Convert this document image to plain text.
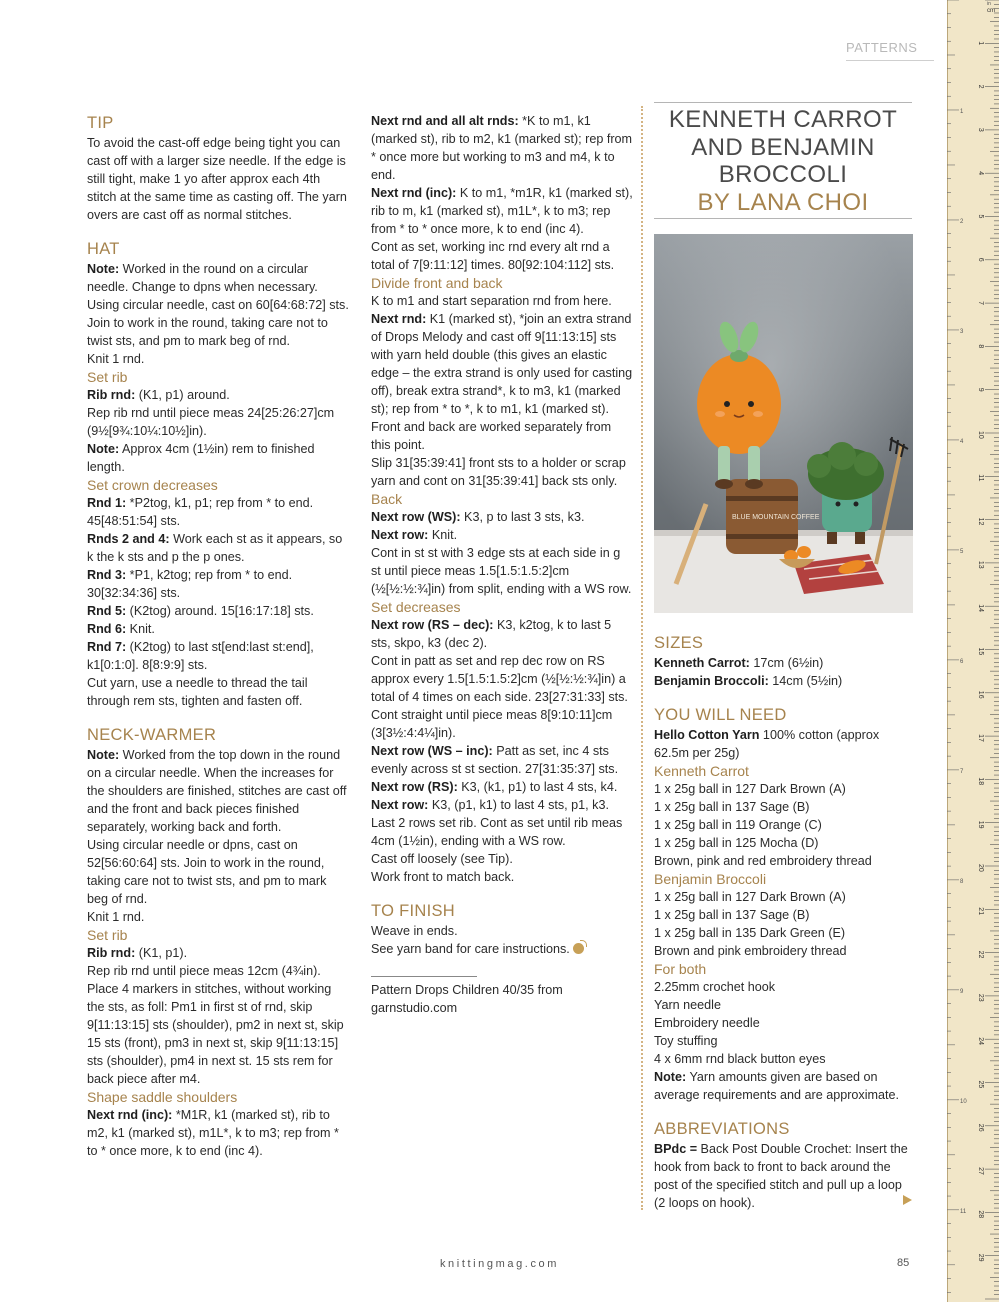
PATTERNS
TIP

To avoid the cast-off edge being tight you can cast off with a larger size needle. If the edge is still tight, make 1 yo after approx each 4th stitch at the same time as casting off. The yarn overs are cast off as normal stitches.

HAT

Note: Worked in the round on a circular needle. Change to dpns when necessary. Using circular needle, cast on 60[64:68:72] sts. Join to work in the round, taking care not to twist sts, and pm to mark beg of rnd.

Knit 1 rnd.

Set rib

Rib rnd: (K1, p1) around.

Rep rib rnd until piece meas 24[25:26:27]cm (9½[9¾:10¼:10½]in).

Note: Approx 4cm (1½in) rem to finished length.

Set crown decreases

Rnd 1: *P2tog, k1, p1; rep from * to end. 45[48:51:54] sts.

Rnds 2 and 4: Work each st as it appears, so k the k sts and p the p ones.

Rnd 3: *P1, k2tog; rep from * to end. 30[32:34:36] sts.

Rnd 5: (K2tog) around. 15[16:17:18] sts.

Rnd 6: Knit.

Rnd 7: (K2tog) to last st[end:last st:end], k1[0:1:0]. 8[8:9:9] sts.

Cut yarn, use a needle to thread the tail through rem sts, tighten and fasten off.

NECK-WARMER

Note: Worked from the top down in the round on a circular needle. When the increases for the shoulders are finished, stitches are cast off and the front and back pieces finished separately, working back and forth.

Using circular needle or dpns, cast on 52[56:60:64] sts. Join to work in the round, taking care not to twist sts, and pm to mark beg of rnd.

Knit 1 rnd.

Set rib

Rib rnd: (K1, p1).

Rep rib rnd until piece meas 12cm (4¾in). Place 4 markers in stitches, without working the sts, as foll: Pm1 in first st of rnd, skip 9[11:13:15] sts (shoulder), pm2 in next st, skip 15 sts (front), pm3 in next st, skip 9[11:13:15] sts (shoulder), pm4 in next st. 15 sts rem for back piece after m4.

Shape saddle shoulders

Next rnd (inc): *M1R, k1 (marked st), rib to m2, k1 (marked st), m1L*, k to m3; rep from * to * once more, k to end (inc 4).

Next rnd and all alt rnds: *K to m1, k1 (marked st), rib to m2, k1 (marked st); rep from * once more but working to m3 and m4, k to end.

Next rnd (inc): K to m1, *m1R, k1 (marked st), rib to m, k1 (marked st), m1L*, k to m3; rep from * to * once more, k to end (inc 4).

Cont as set, working inc rnd every alt rnd a total of 7[9:11:12] times. 80[92:104:112] sts.

Divide front and back

K to m1 and start separation rnd from here.

Next rnd: K1 (marked st), *join an extra strand of Drops Melody and cast off 9[11:13:15] sts with yarn held double (this gives an elastic edge – the extra strand is only used for casting off), break extra strand*, k to m3, k1 (marked st); rep from * to *, k to m1, k1 (marked st).

Front and back are worked separately from this point.

Slip 31[35:39:41] front sts to a holder or scrap yarn and cont on 31[35:39:41] back sts only.

Back

Next row (WS): K3, p to last 3 sts, k3.

Next row: Knit.

Cont in st st with 3 edge sts at each side in g st until piece meas 1.5[1.5:1.5:2]cm (½[½:½:¾]in) from split, ending with a WS row.

Set decreases

Next row (RS – dec): K3, k2tog, k to last 5 sts, skpo, k3 (dec 2).

Cont in patt as set and rep dec row on RS approx every 1.5[1.5:1.5:2]cm (½[½:½:¾]in) a total of 4 times on each side. 23[27:31:33] sts.

Cont straight until piece meas 8[9:10:11]cm (3[3½:4:4¼]in).

Next row (WS – inc): Patt as set, inc 4 sts evenly across st st section. 27[31:35:37] sts.

Next row (RS): K3, (k1, p1) to last 4 sts, k4.

Next row: K3, (p1, k1) to last 4 sts, p1, k3.

Last 2 rows set rib. Cont as set until rib meas 4cm (1½in), ending with a WS row.

Cast off loosely (see Tip).

Work front to match back.

TO FINISH

Weave in ends.

See yarn band for care instructions.

Pattern Drops Children 40/35 from garnstudio.com

KENNETH CARROT
AND BENJAMIN
BROCCOLI
BY LANA CHOI
BLUE MOUNTAIN COFFEE
SIZES

Kenneth Carrot: 17cm (6½in)

Benjamin Broccoli: 14cm (5½in)

YOU WILL NEED

Hello Cotton Yarn 100% cotton (approx 62.5m per 25g)

Kenneth Carrot

1 x 25g ball in 127 Dark Brown (A)

1 x 25g ball in 137 Sage (B)

1 x 25g ball in 119 Orange (C)

1 x 25g ball in 125 Mocha (D)

Brown, pink and red embroidery thread

Benjamin Broccoli

1 x 25g ball in 127 Dark Brown (A)

1 x 25g ball in 137 Sage (B)

1 x 25g ball in 135 Dark Green (E)

Brown and pink embroidery thread

For both

2.25mm crochet hook

Yarn needle

Embroidery needle

Toy stuffing

4 x 6mm rnd black button eyes

Note: Yarn amounts given are based on average requirements and are approximate.

ABBREVIATIONS

BPdc = Back Post Double Crochet: Insert the hook from back to front to back around the post of the specified stitch and pull up a loop (2 loops on hook).

knittingmag.com	85
1
2
3
4
5
6
7
8
9
10
11
12
13
14
15
16
17
18
19
20
21
22
23
24
25
26
27
28
29
1
2
3
4
5
6
7
8
9
10
11
cm
in
